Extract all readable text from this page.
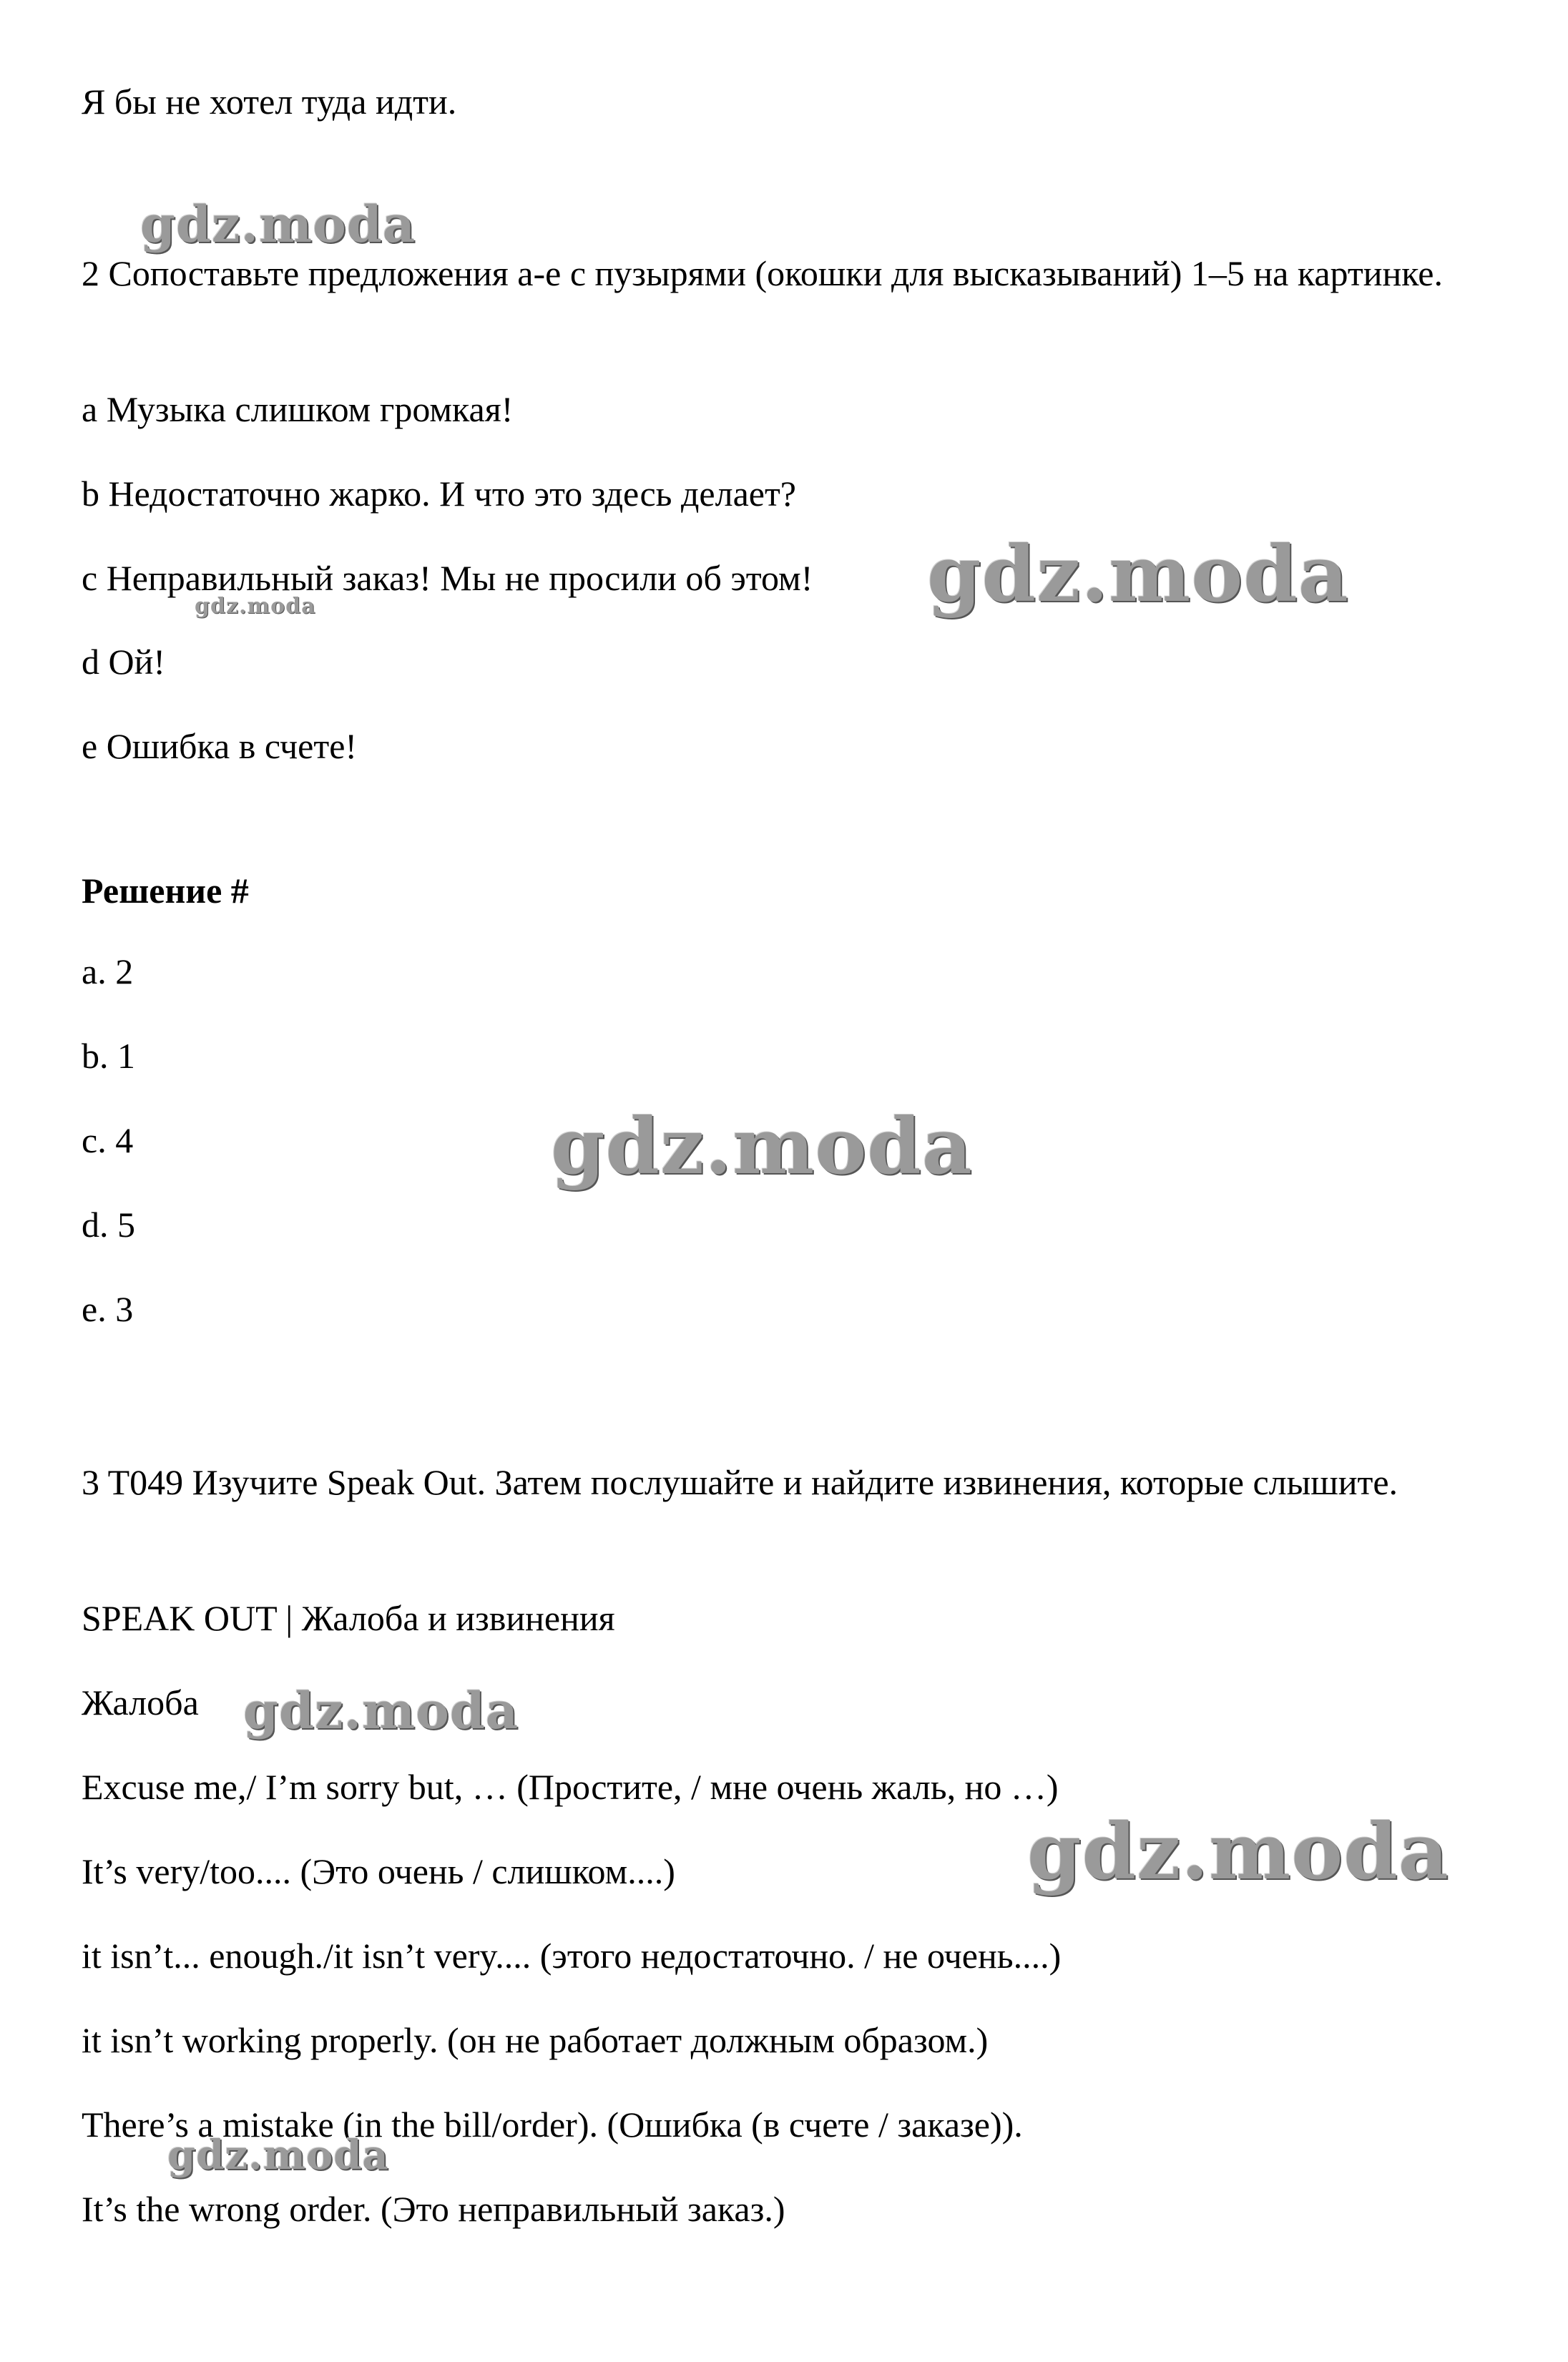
Я бы не хотел туда идти.
2 Сопоставьте предложения а-е с пузырями (окошки для высказываний) 1–5 на картинке.
а Музыка слишком громкая!
b Недостаточно жарко. И что это здесь делает?
с Неправильный заказ! Мы не просили об этом!
d Ой!
е Ошибка в счете!
Решение #
a. 2
b. 1
c. 4
d. 5
e. 3
3 T049 Изучите Speak Out. Затем послушайте и найдите извинения, которые слышите.
SPEAK OUT | Жалоба и извинения
Жалоба
Excuse me,/ I’m sorry but, … (Простите, / мне очень жаль, но …)
It’s very/too.... (Это очень / слишком....)
it isn’t... enough./it isn’t very.... (этого недостаточно. / не очень....)
it isn’t working properly. (он не работает должным образом.)
There’s a mistake (in the bill/order). (Ошибка (в счете / заказе)).
It’s the wrong order. (Это неправильный заказ.)
gdz.moda
gdz.moda
gdz.moda
gdz.moda
gdz.moda
gdz.moda
gdz.moda
